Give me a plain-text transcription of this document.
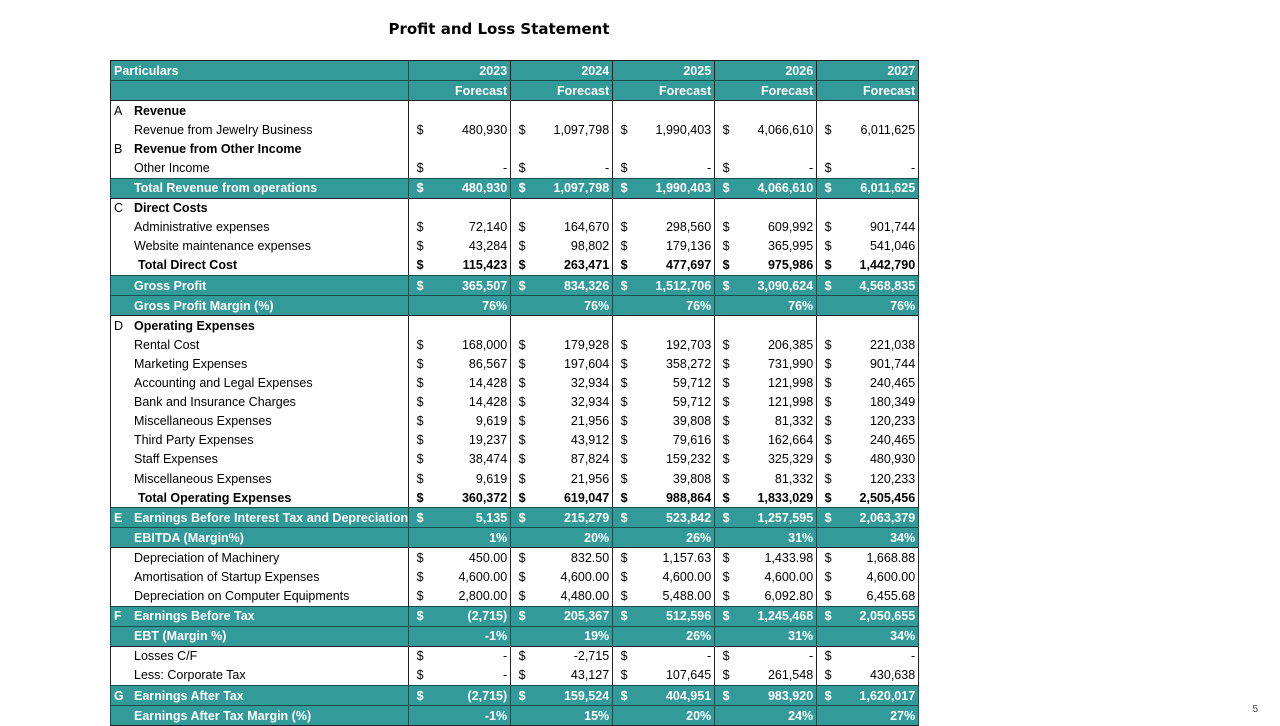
Profit and Loss Statement
Particulars		2023		2024		2025		2026		2027	
		Forecast		Forecast		Forecast		Forecast		Forecast	
A	Revenue										
	Revenue from Jewelry Business	$	480,930	$	1,097,798	$	1,990,403	$	4,066,610	$	6,011,625
B	Revenue from Other Income										
	Other Income	$	-	$	-	$	-	$	-	$	-
	Total Revenue from operations	$	480,930	$	1,097,798	$	1,990,403	$	4,066,610	$	6,011,625
C	Direct Costs										
	Administrative expenses	$	72,140	$	164,670	$	298,560	$	609,992	$	901,744
	Website maintenance expenses	$	43,284	$	98,802	$	179,136	$	365,995	$	541,046
	Total Direct Cost	$	115,423	$	263,471	$	477,697	$	975,986	$	1,442,790
	Gross Profit	$	365,507	$	834,326	$	1,512,706	$	3,090,624	$	4,568,835
	Gross Profit Margin (%)		76%		76%		76%		76%		76%
D	Operating Expenses										
	Rental Cost	$	168,000	$	179,928	$	192,703	$	206,385	$	221,038
	Marketing Expenses	$	86,567	$	197,604	$	358,272	$	731,990	$	901,744
	Accounting and Legal Expenses	$	14,428	$	32,934	$	59,712	$	121,998	$	240,465
	Bank and Insurance Charges	$	14,428	$	32,934	$	59,712	$	121,998	$	180,349
	Miscellaneous Expenses	$	9,619	$	21,956	$	39,808	$	81,332	$	120,233
	Third Party Expenses	$	19,237	$	43,912	$	79,616	$	162,664	$	240,465
	Staff Expenses	$	38,474	$	87,824	$	159,232	$	325,329	$	480,930
	Miscellaneous Expenses	$	9,619	$	21,956	$	39,808	$	81,332	$	120,233
	Total Operating Expenses	$	360,372	$	619,047	$	988,864	$	1,833,029	$	2,505,456
E	Earnings Before Interest Tax and Depreciation	$	5,135	$	215,279	$	523,842	$	1,257,595	$	2,063,379
	EBITDA (Margin%)		1%		20%		26%		31%		34%
	Depreciation of Machinery	$	450.00	$	832.50	$	1,157.63	$	1,433.98	$	1,668.88
	Amortisation of Startup Expenses	$	4,600.00	$	4,600.00	$	4,600.00	$	4,600.00	$	4,600.00
	Depreciation on Computer Equipments	$	2,800.00	$	4,480.00	$	5,488.00	$	6,092.80	$	6,455.68
F	Earnings Before Tax	$	(2,715)	$	205,367	$	512,596	$	1,245,468	$	2,050,655
	EBT (Margin %)		-1%		19%		26%		31%		34%
	Losses C/F	$	-	$	-2,715	$	-	$	-	$	-
	Less: Corporate Tax	$	-	$	43,127	$	107,645	$	261,548	$	430,638
G	Earnings After Tax	$	(2,715)	$	159,524	$	404,951	$	983,920	$	1,620,017
	Earnings After Tax Margin (%)		-1%		15%		20%		24%		27%	5
